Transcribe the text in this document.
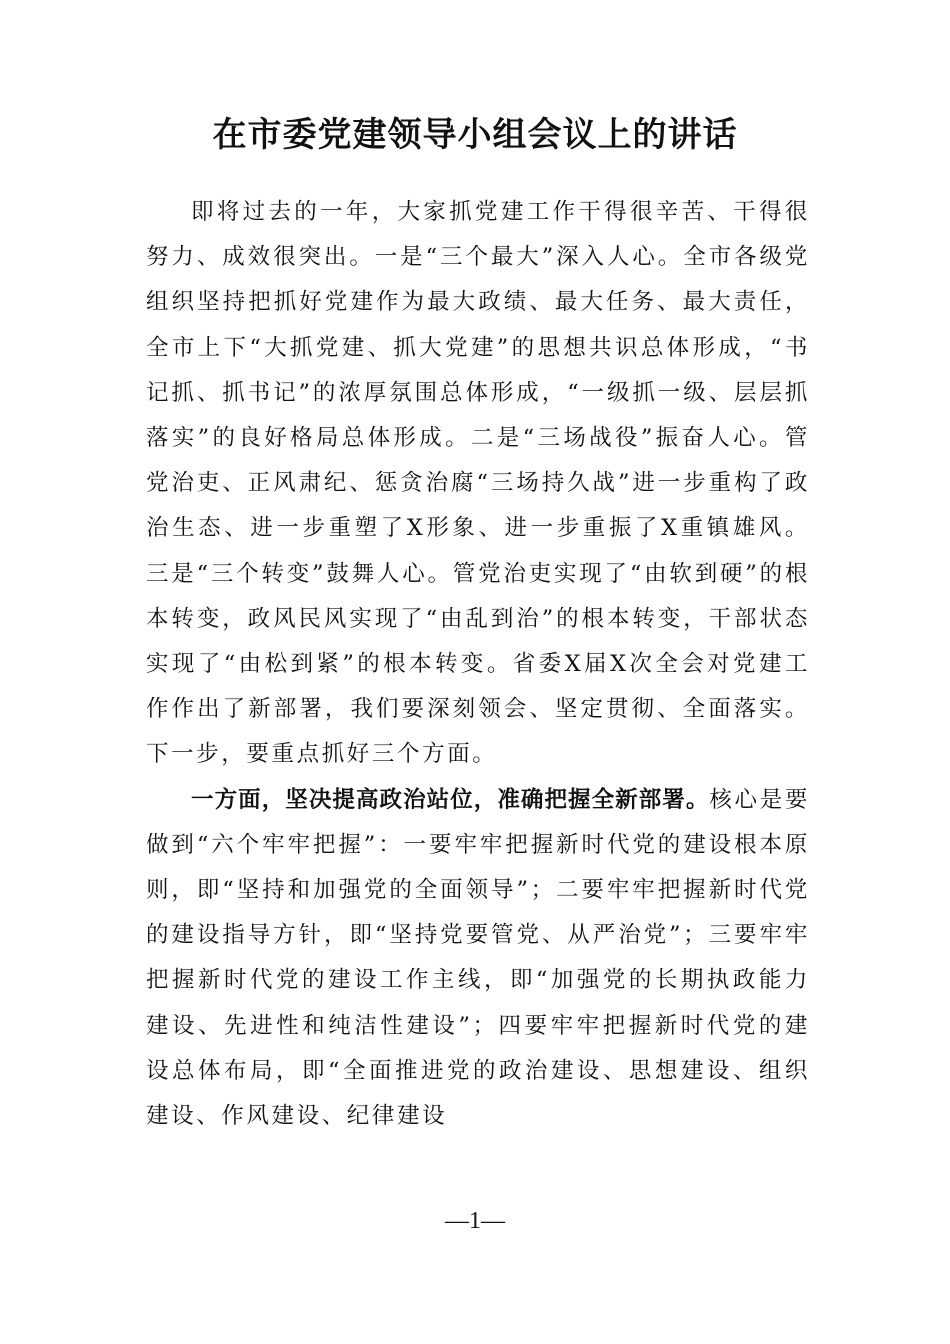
在市委党建领导小组会议上的讲话

即将过去的一年，大家抓党建工作干得很辛苦、干得很努力、成效很突出。一是“三个最大”深入人心。全市各级党组织坚持把抓好党建作为最大政绩、最大任务、最大责任，全市上下“大抓党建、抓大党建”的思想共识总体形成，“书记抓、抓书记”的浓厚氛围总体形成，“一级抓一级、层层抓落实”的良好格局总体形成。二是“三场战役”振奋人心。管党治吏、正风肃纪、惩贪治腐“三场持久战”进一步重构了政治生态、进一步重塑了X形象、进一步重振了X重镇雄风。三是“三个转变”鼓舞人心。管党治吏实现了“由软到硬”的根本转变，政风民风实现了“由乱到治”的根本转变，干部状态实现了“由松到紧”的根本转变。省委X届X次全会对党建工作作出了新部署，我们要深刻领会、坚定贯彻、全面落实。下一步，要重点抓好三个方面。

一方面，坚决提高政治站位，准确把握全新部署。核心是要做到“六个牢牢把握”：一要牢牢把握新时代党的建设根本原则，即“坚持和加强党的全面领导”；二要牢牢把握新时代党的建设指导方针，即“坚持党要管党、从严治党”；三要牢牢把握新时代党的建设工作主线，即“加强党的长期执政能力建设、先进性和纯洁性建设”；四要牢牢把握新时代党的建设总体布局，即“全面推进党的政治建设、思想建设、组织建设、作风建设、纪律建设

—1—
